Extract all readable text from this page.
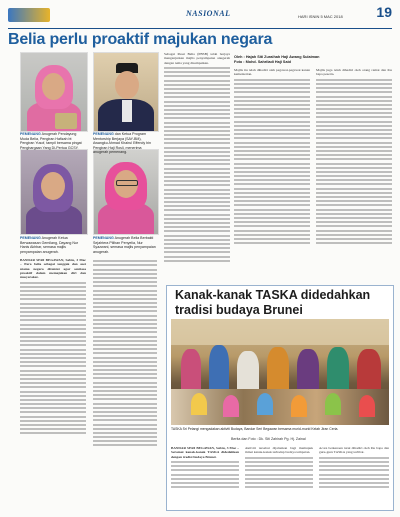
NASIONAL	HARI ISNIN 5 MAC 2018 19
Belia perlu proaktif majukan negara
PEMENANG Anugerah Pendayung Muda Belia, Pengiran Hafizah bt Pengiran Yusof, tampil bersama pingat Penghargaan Yang Di-Pertua GCSY.
PEMENANG dan Ketua Program Mentorship Berjaya (SAY-BM), Awangku Ahmad Khairul Effendy bin Pengiran Haji Rosli, menerima anugerah pemenang.
PEMENANG Anugerah Ketua Berwawasan Gemilang, Dayang Nur Hanis Akhbar, semasa majlis penyampaian anugerah.
PEMENANG Anugerah Belia Berbakti Sejahtera Pilihan Penyelia, Nur Syazwani, semasa majlis penyampaian anugerah.
Sebagai Pusat Belia (PBSB) telah berjaya menganjurkan majlis penyampaian anugerah dengan tema yang disampaikan.
Oleh : Hajah Siti Zuraihah Haji Awang Sulaiman
Foto : Mohd. Sahriladi Haji Said
Majlis itu telah dihadiri oleh pegawai-pegawai kanan kementerian.
Majlis juga telah dihadiri oleh orang ramai dan ibu bapa peserta.
BANDAR SERI BEGAWAN, Sabtu, 3 Mac – Para belia sebagai tonggak dan aset utama negara dituntut agar sentiasa proaktif dalam memajukan diri dan masyarakat.
Kanak-kanak TASKA didedahkan tradisi budaya Brunei
TASKA Sri Pelangi mengadakan aktiviti Budaya, Bandar Seri Begawan bersama murid-murid Kelab Jiran Ceria.
Berita dan Foto : Dk. Siti Zahirah Pg. Hj. Zainal
BANDAR SERI BEGAWAN, Sabtu, 3 Mac – Seramai kanak-kanak TASKA didedahkan dengan tradisi budaya Brunei.
Aktiviti tersebut dijalankan bagi memupuk minat kanak-kanak terhadap budaya tempatan.
Acara berkenaan turut dihadiri oleh ibu bapa dan guru-guru TASKA yang terlibat.
